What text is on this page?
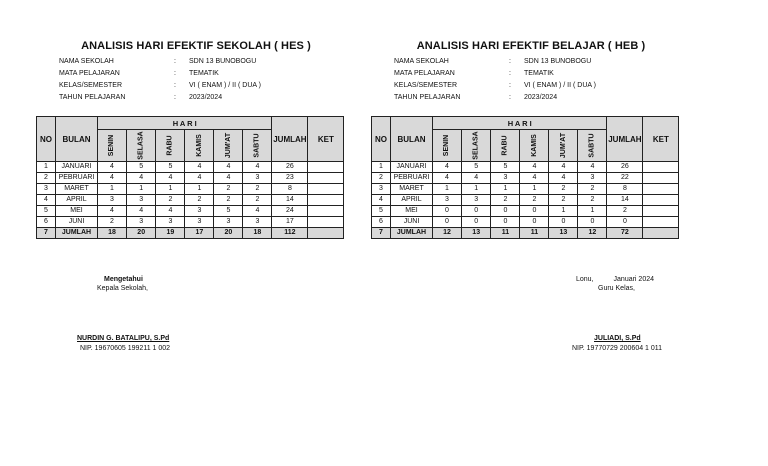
ANALISIS HARI EFEKTIF SEKOLAH ( HES )
NAMA SEKOLAH	: SDN 13 BUNOBOGU
MATA PELAJARAN	: TEMATIK
KELAS/SEMESTER	: VI ( ENAM ) / II ( DUA )
TAHUN PELAJARAN	: 2023/2024
NO	BULAN	H A R I						JUMLAH	KET
		SENIN	SELASA	RABU	KAMIS	JUM'AT	SABTU		
1	JANUARI	4	5	5	4	4	4	26	
2	PEBRUARI	4	4	4	4	4	3	23	
3	MARET	1	1	1	1	2	2	8	
4	APRIL	3	3	2	2	2	2	14	
5	MEI	4	4	4	3	5	4	24	
6	JUNI	2	3	3	3	3	3	17	
7	JUMLAH	18	20	19	17	20	18	112	
ANALISIS HARI EFEKTIF BELAJAR ( HEB )
NAMA SEKOLAH	: SDN 13 BUNOBOGU
MATA PELAJARAN	: TEMATIK
KELAS/SEMESTER	: VI ( ENAM ) / II ( DUA )
TAHUN PELAJARAN	: 2023/2024
NO	BULAN	H A R I						JUMLAH	KET
		SENIN	SELASA	RABU	KAMIS	JUM'AT	SABTU		
1	JANUARI	4	5	5	4	4	4	26	
2	PEBRUARI	4	4	3	4	4	3	22	
3	MARET	1	1	1	1	2	2	8	
4	APRIL	3	3	2	2	2	2	14	
5	MEI	0	0	0	0	1	1	2	
6	JUNI	0	0	0	0	0	0	0	
7	JUMLAH	12	13	11	11	13	12	72	
Mengetahui
Kepala Sekolah,
NURDIN G. BATALIPU, S.Pd
NIP. 19670605 199211 1 002
Lonu,	Januari 2024
Guru Kelas,
JULIADI, S.Pd
NIP. 19770729 200604 1 011
